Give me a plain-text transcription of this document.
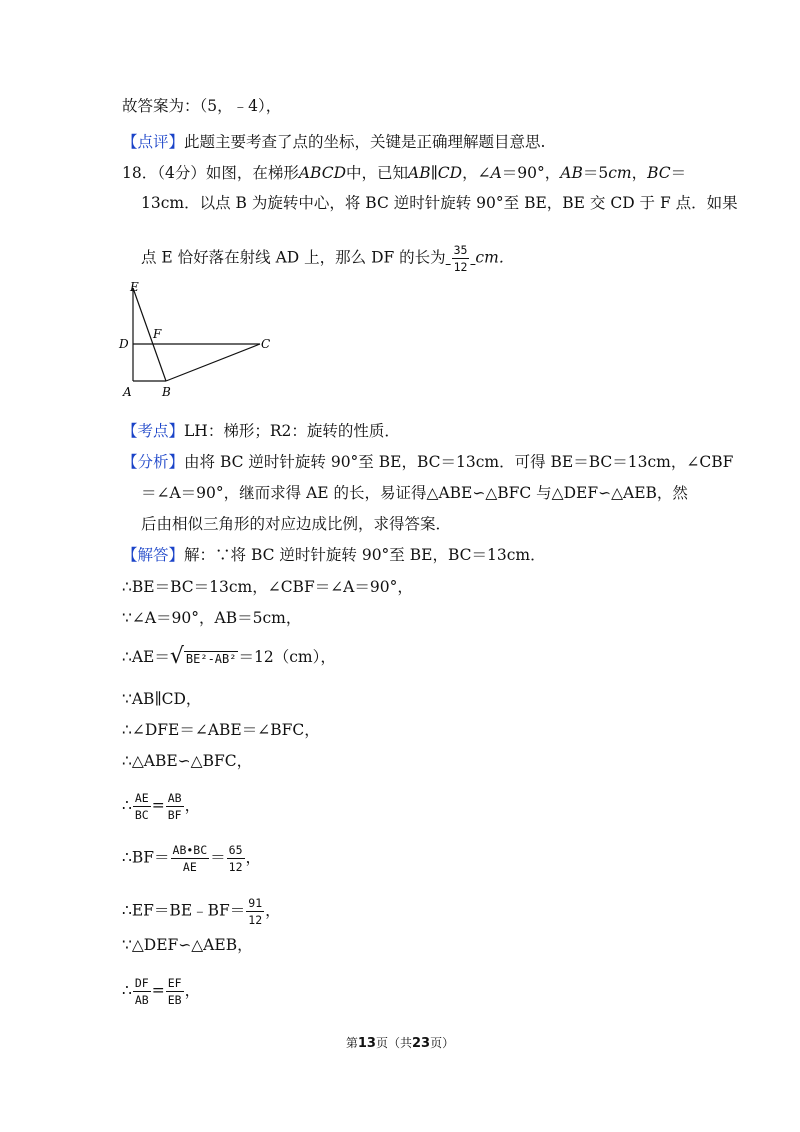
故答案为：（5，﹣4），
【点评】此题主要考查了点的坐标，关键是正确理解题目意思.
18．（4分）如图，在梯形ABCD中，已知AB∥CD，∠A＝90°，AB＝5cm，BC＝
13cm．以点 B 为旋转中心，将 BC 逆时针旋转 90°至 BE，BE 交 CD 于 F 点．如果
点 E 恰好落在射线 AD 上，那么 DF 的长为 $\frac{35}{12}$ cm．
E
F
D	C
A	B
【考点】LH：梯形；R2：旋转的性质．
【分析】由将 BC 逆时针旋转 90°至 BE，BC＝13cm．可得 BE＝BC＝13cm，∠CBF
＝∠A＝90°，继而求得 AE 的长，易证得△ABE∽△BFC 与△DEF∽△AEB，然
后由相似三角形的对应边成比例，求得答案．
【解答】解：∵将 BC 逆时针旋转 90°至 BE，BC＝13cm．
∴BE＝BC＝13cm，∠CBF＝∠A＝90°，
∵∠A＝90°，AB＝5cm，
∴AE＝√ BE²-AB² ＝12（cm），
∵AB∥CD，
∴∠DFE＝∠ABE＝∠BFC，
∴△ABE∽△BFC，
∴ $\frac{AE}{BC} = \frac{AB}{BF}$ ，
∴BF＝ $\frac{AB•BC}{AE} = \frac{65}{12}$ ，
∴EF＝BE﹣BF＝ $\frac{91}{12}$ ，
∵△DEF∽△AEB，
∴ $\frac{DF}{AB} = \frac{EF}{EB}$ ，
第13页（共23页）
